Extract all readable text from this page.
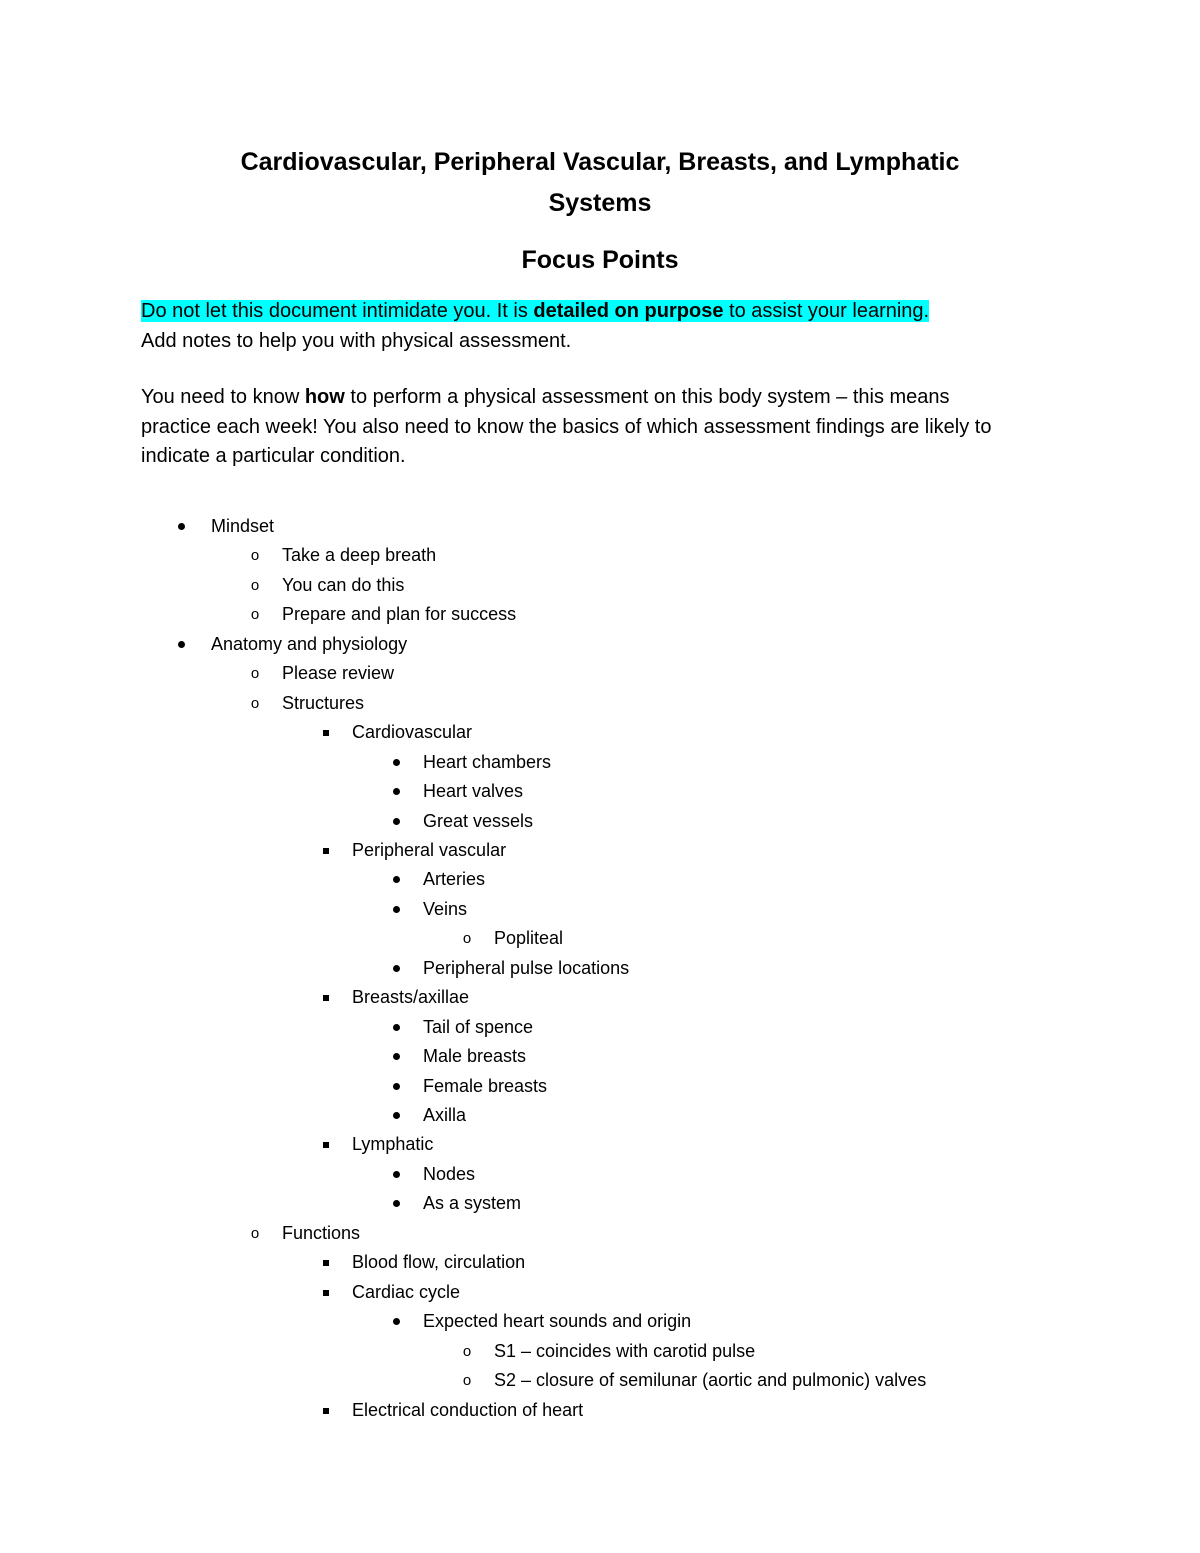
Cardiovascular, Peripheral Vascular, Breasts, and Lymphatic
Systems
Focus Points

Do not let this document intimidate you. It is detailed on purpose to assist your learning.

Add notes to help you with physical assessment.

You need to know how to perform a physical assessment on this body system – this means

practice each week! You also need to know the basics of which assessment findings are likely to

indicate a particular condition.

Mindset
o	Take a deep breath
o	You can do this
o	Prepare and plan for success
Anatomy and physiology
o	Please review
o	Structures
Cardiovascular
Heart chambers
Heart valves
Great vessels
Peripheral vascular
Arteries
Veins
o	Popliteal
Peripheral pulse locations
Breasts/axillae
Tail of spence
Male breasts
Female breasts
Axilla
Lymphatic
Nodes
As a system
o	Functions
Blood flow, circulation
Cardiac cycle
Expected heart sounds and origin
o	S1 – coincides with carotid pulse
o	S2 – closure of semilunar (aortic and pulmonic) valves
Electrical conduction of heart
